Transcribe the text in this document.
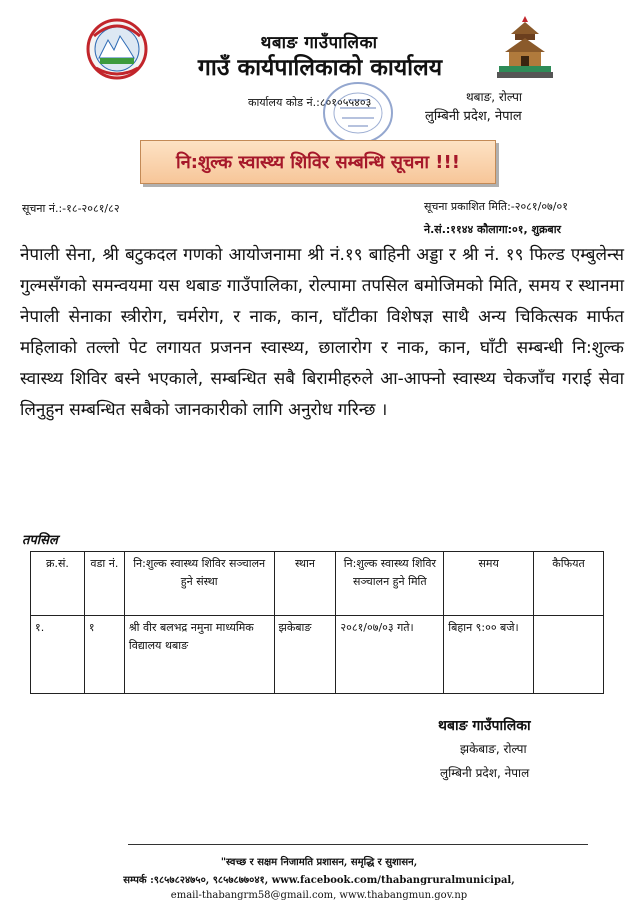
थबाङ गाउँपालिका
गाउँ कार्यपालिकाको कार्यालय
कार्यालय कोड नं.:८०१०५५४०३	थबाङ, रोल्पा
लुम्बिनी प्रदेश, नेपाल
नि:शुल्क स्वास्थ्य शिविर सम्बन्धि सूचना !!!
सूचना नं.:-१८-२०८१/८२	सूचना प्रकाशित मिति:-२०८१/०७/०१
ने.सं.:११४४ कौलागा:०१, शुक्रबार
नेपाली सेना, श्री बटुकदल गणको आयोजनामा श्री नं.१९ बाहिनी अड्डा र श्री नं. १९ फिल्ड एम्बुलेन्स गुल्मसँगको समन्वयमा यस थबाङ गाउँपालिका, रोल्पामा तपसिल बमोजिमको मिति, समय र स्थानमा नेपाली सेनाका स्त्रीरोग, चर्मरोग, र नाक, कान, घाँटीका विशेषज्ञ साथै अन्य चिकित्सक मार्फत महिलाको तल्लो पेट लगायत प्रजनन स्वास्थ्य, छालारोग र नाक, कान, घाँटी सम्बन्धी नि:शुल्क स्वास्थ्य शिविर बस्ने भएकाले, सम्बन्धित सबै बिरामीहरुले आ-आफ्नो स्वास्थ्य चेकजाँच गराई सेवा लिनुहुन सम्बन्धित सबैको जानकारीको लागि अनुरोध गरिन्छ ।
तपसिल
क्र.सं.	वडा नं.	नि:शुल्क स्वास्थ्य शिविर सञ्चालन हुने संस्था	स्थान	नि:शुल्क स्वास्थ्य शिविर सञ्चालन हुने मिति	समय	कैफियत
१.	१	श्री वीर बलभद्र नमुना माध्यमिक विद्यालय थबाङ	झकेबाङ	२०८१/०७/०३ गते।	बिहान ९:०० बजे।	
थबाङ गाउँपालिका
झकेबाङ, रोल्पा
लुम्बिनी प्रदेश, नेपाल
"स्वच्छ र सक्षम निजामति प्रशासन, समृद्धि र सुशासन,
सम्पर्क :९८५७८२४७५०, ९८५७८७७०४१, www.facebook.com/thabangruralmunicipal,
email-thabangrm58@gmail.com, www.thabangmun.gov.np
